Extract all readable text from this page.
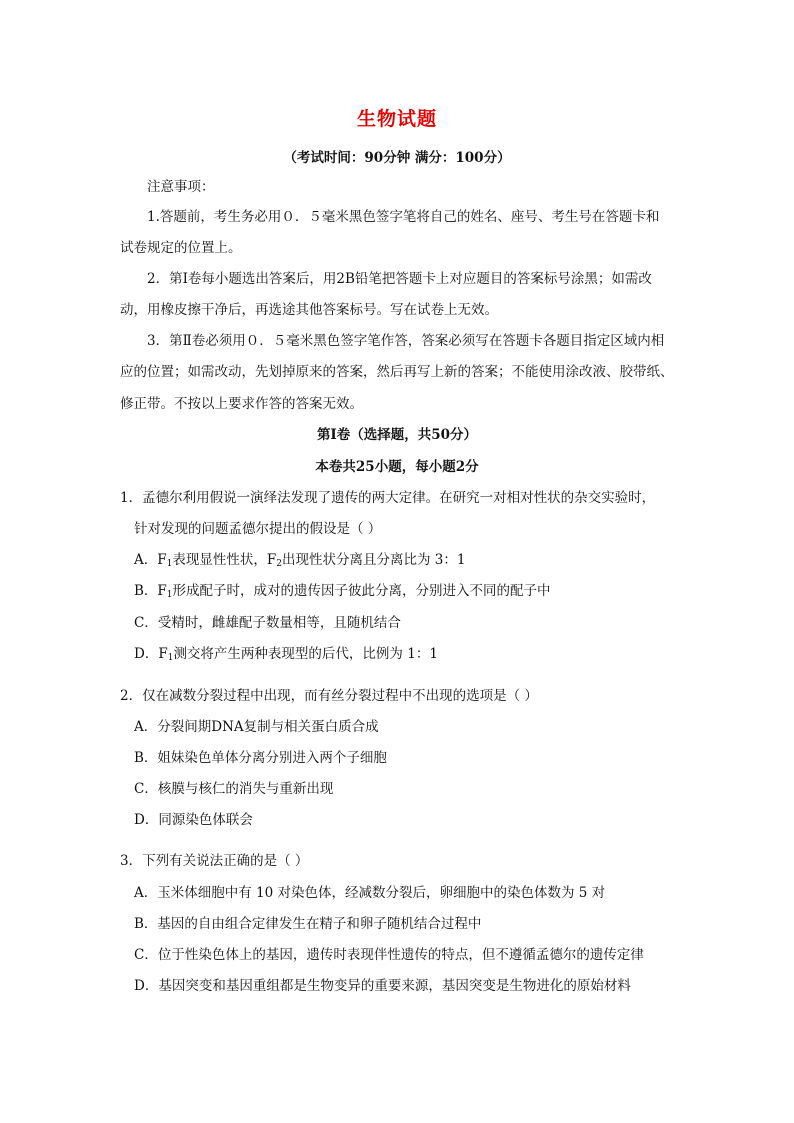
生物试题
（考试时间：90分钟 满分：100分）
注意事项：
1.答题前，考生务必用０．５毫米黑色签字笔将自己的姓名、座号、考生号在答题卡和
试卷规定的位置上。
2．第Ⅰ卷每小题选出答案后，用2B铅笔把答题卡上对应题目的答案标号涂黑；如需改
动，用橡皮擦干净后，再选途其他答案标号。写在试卷上无效。
3．第Ⅱ卷必须用０．５毫米黑色签字笔作答，答案必须写在答题卡各题目指定区域内相
应的位置；如需改动，先划掉原来的答案，然后再写上新的答案；不能使用涂改液、胶带纸、
修正带。不按以上要求作答的答案无效。
第Ⅰ卷（选择题，共50分）
本卷共25小题，每小题2分
1．孟德尔利用假说一演绎法发现了遗传的两大定律。在研究一对相对性状的杂交实验时，
针对发现的问题孟德尔提出的假设是（ ）
A．$F_1$表现显性性状，$F_2$出现性状分离且分离比为 3：1
B．$F_1$形成配子时，成对的遗传因子彼此分离，分别进入不同的配子中
C．受精时，雌雄配子数量相等，且随机结合
D．$F_1$测交将产生两种表现型的后代，比例为 1：1
2．仅在减数分裂过程中出现，而有丝分裂过程中不出现的选项是（ ）
A．分裂间期DNA复制与相关蛋白质合成
B．姐妹染色单体分离分别进入两个子细胞
C．核膜与核仁的消失与重新出现
D．同源染色体联会
3．下列有关说法正确的是（ ）
A．玉米体细胞中有 10 对染色体，经减数分裂后，卵细胞中的染色体数为 5 对
B．基因的自由组合定律发生在精子和卵子随机结合过程中
C．位于性染色体上的基因，遗传时表现伴性遗传的特点，但不遵循孟德尔的遗传定律
D．基因突变和基因重组都是生物变异的重要来源，基因突变是生物进化的原始材料
